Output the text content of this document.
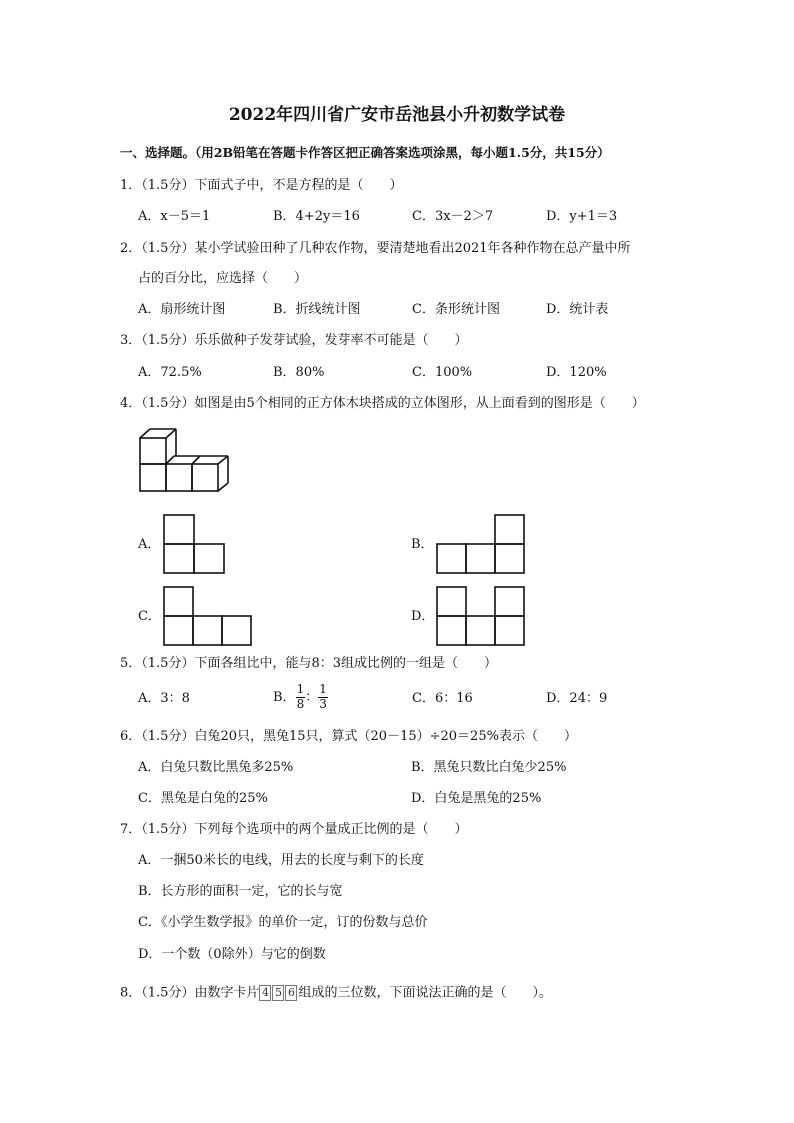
2022年四川省广安市岳池县小升初数学试卷
一、选择题。（用2B铅笔在答题卡作答区把正确答案选项涂黑，每小题1.5分，共15分）
1．（1.5分）下面式子中，不是方程的是（　　）
A．x－5＝1	B．4+2y＝16	C．3x－2＞7	D．y+1＝3
2．（1.5分）某小学试验田种了几种农作物，要清楚地看出2021年各种作物在总产量中所
占的百分比，应选择（　　）
A．扇形统计图	B．折线统计图	C．条形统计图	D．统计表
3．（1.5分）乐乐做种子发芽试验，发芽率不可能是（　　）
A．72.5%	B．80%	C．100%	D．120%
4．（1.5分）如图是由5个相同的正方体木块搭成的立体图形，从上面看到的图形是（　　）
A．	B．
C．	D．
5．（1.5分）下面各组比中，能与8：3组成比例的一组是（　　）
A．3：8	B． $\frac{1}{8}$ ： $\frac{1}{3}$	C．6：16	D．24：9
6．（1.5分）白兔20只，黑兔15只，算式（20－15）÷20＝25%表示（　　）
A．白兔只数比黑兔多25%	B．黑兔只数比白兔少25%
C．黑兔是白兔的25%	D．白兔是黑兔的25%
7．（1.5分）下列每个选项中的两个量成正比例的是（　　）
A．一捆50米长的电线，用去的长度与剩下的长度
B．长方形的面积一定，它的长与宽
C．《小学生数学报》的单价一定，订的份数与总价
D．一个数（0除外）与它的倒数
8．（1.5分）由数字卡片 4 5 6 组成的三位数，下面说法正确的是（　　）。
